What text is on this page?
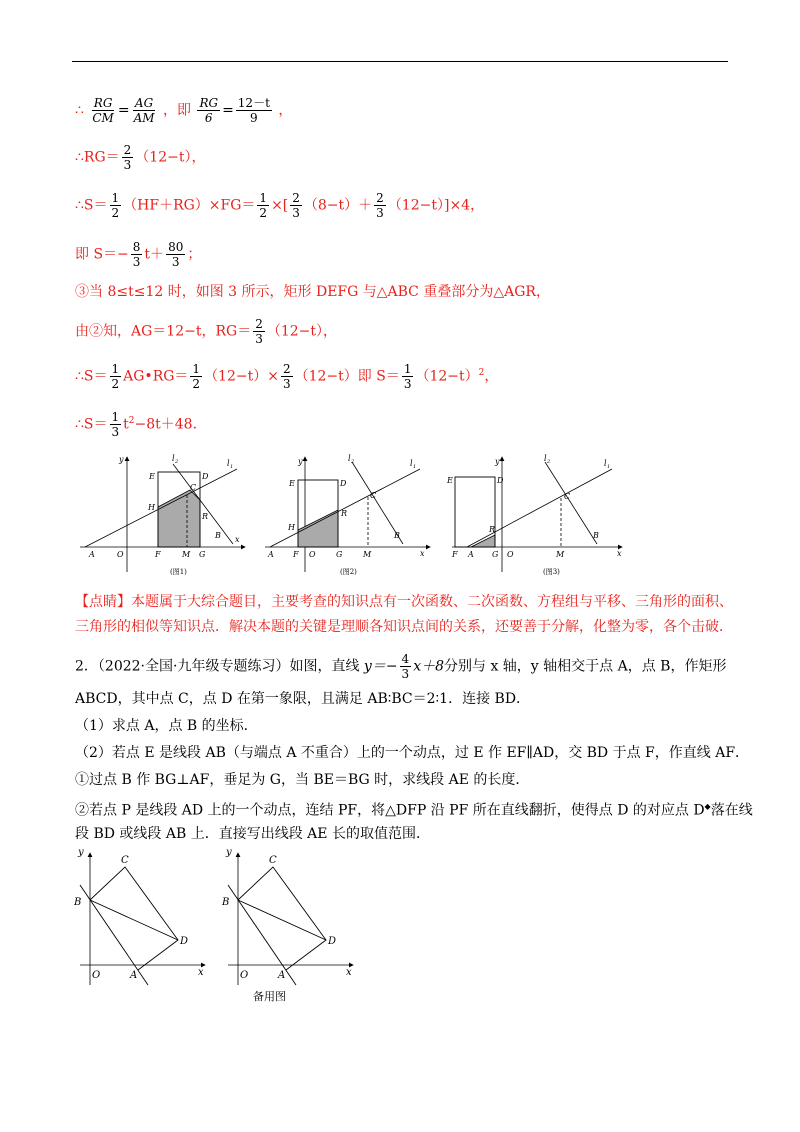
∴ $\frac{RG}{CM} = \frac{AG}{AM}$ ，即 $\frac{RG}{6} = \frac{12-t}{9}$ ，
∴RG＝ $\frac{2}{3} (12-t)$，
∴S＝ $\frac{1}{2} (HF+RG)\times FG= \frac{1}{2}$ ×[ $\frac{2}{3} (8-t)+ \frac{2}{3} (12-t)]\times 4$，
即 $S=- \frac{8}{3} t+ \frac{80}{3}$ ；
③当 8≤t≤12 时，如图 3 所示，矩形 DEFG 与△ABC 重叠部分为△AGR，
由②知，AG＝12−t，$RG= \frac{2}{3} (12-t)$，
∴S＝ $\frac{1}{2}$ AG•RG＝ $\frac{1}{2} (12-t)\times \frac{2}{3} (12-t)$即 $S= \frac{1}{3} (12-t)^2$，
∴S＝ $\frac{1}{3} t^2-8t+48$．
A	O	F	M G
x
y
H
E	D
C
R
B
l 2	l 1
(图1)
A F O	G	M	x
y
H
E	D
C
R
B
l 2	l 1
(图2)
F A G O	M	x
y
E	D
C
R
B
l 2	l 1
(图3)
【点睛】本题属于大综合题目，主要考查的知识点有一次函数、二次函数、方程组与平移、三角形的面积、
三角形的相似等知识点．解决本题的关键是理顺各知识点间的关系，还要善于分解，化整为零，各个击破．
2．（2022·全国·九年级专题练习）如图，直线 $y=- \frac{4}{3} x+8$分别与 x 轴，y 轴相交于点 A，点 B，作矩形
ABCD，其中点 C，点 D 在第一象限，且满足 AB∶BC＝2∶1．连接 BD．
（1）求点 A，点 B 的坐标．
（2）若点 E 是线段 AB（与端点 A 不重合）上的一个动点，过 E 作 EF∥AD，交 BD 于点 F，作直线 AF．
①过点 B 作 BG⊥AF，垂足为 G，当 BE＝BG 时，求线段 AE 的长度．
②若点 P 是线段 AD 上的一个动点，连结 PF，将△DFP 沿 PF 所在直线翻折，使得点 D 的对应点 D◆落在线
段 BD 或线段 AB 上．直接写出线段 AE 长的取值范围．
y
B
C
D
O	A	x
y
B
C
D
O	A	x
备用图
